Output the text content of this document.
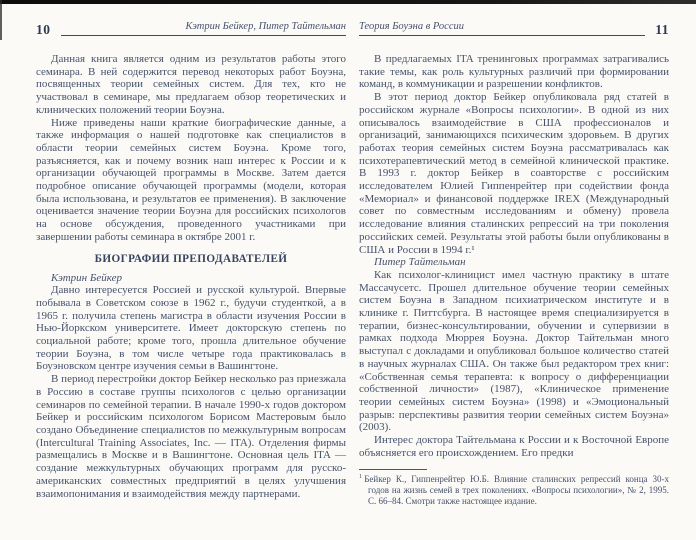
10	Кэтрин Бейкер, Питер Тайтельман

Данная книга является одним из результатов работы этого семинара. В ней содержится перевод некоторых работ Боуэна, посвященных теории семейных систем. Для тех, кто не участвовал в семинаре, мы предлагаем обзор теоретических и клинических положений теории Боуэна.

Ниже приведены наши краткие биографические данные, а также информация о нашей подготовке как специалистов в области теории семейных систем Боуэна. Кроме того, разъясняется, как и почему возник наш интерес к России и к организации обучающей программы в Москве. Затем дается подробное описание обучающей программы (модели, которая была использована, и результатов ее применения). В заключение оценивается значение теории Боуэна для российских психологов на основе обсуждения, проведенного участниками при завершении работы семинара в октябре 2001 г.

БИОГРАФИИ ПРЕПОДАВАТЕЛЕЙ

Кэтрин Бейкер

Давно интересуется Россией и русской культурой. Впервые побывала в Советском союзе в 1962 г., будучи студенткой, а в 1965 г. получила степень магистра в области изучения России в Нью-Йоркском университете. Имеет докторскую степень по социальной работе; кроме того, прошла длительное обучение теории Боуэна, в том числе четыре года практиковалась в Боуэновском центре изучения семьи в Вашингтоне.

В период перестройки доктор Бейкер несколько раз приезжала в Россию в составе группы психологов с целью организации семинаров по семейной терапии. В начале 1990-х годов доктором Бейкер и российским психологом Борисом Мастеровым было создано Объединение специалистов по межкультурным вопросам (Intercultural Training Associates, Inc. — ITA). Отделения фирмы размещались в Москве и в Вашингтоне. Основная цель ITA — создание межкультурных обучающих программ для русско-американских совместных предприятий в целях улучшения взаимопонимания и взаимодействия между партнерами.

Теория Боуэна в России	11

В предлагаемых ITA тренинговых программах затрагивались такие темы, как роль культурных различий при формировании команд, в коммуникации и разрешении конфликтов.

В этот период доктор Бейкер опубликовала ряд статей в российском журнале «Вопросы психологии». В одной из них описывалось взаимодействие в США профессионалов и организаций, занимающихся психическим здоровьем. В других работах теория семейных систем Боуэна рассматривалась как психотерапевтический метод в семейной клинической практике. В 1993 г. доктор Бейкер в соавторстве с российским исследователем Юлией Гиппенрейтер при содействии фонда «Мемориал» и финансовой поддержке IREX (Международный совет по совместным исследованиям и обмену) провела исследование влияния сталинских репрессий на три поколения российских семей. Результаты этой работы были опубликованы в США и России в 1994 г.¹

Питер Тайтельман

Как психолог-клиницист имел частную практику в штате Массачусетс. Прошел длительное обучение теории семейных систем Боуэна в Западном психиатрическом институте и в клинике г. Питтсбурга. В настоящее время специализируется в терапии, бизнес-консультировании, обучении и супервизии в рамках подхода Мюррея Боуэна. Доктор Тайтельман много выступал с докладами и опубликовал большое количество статей в научных журналах США. Он также был редактором трех книг: «Собственная семья терапевта: к вопросу о дифференциации собственной личности» (1987), «Клиническое применение теории семейных систем Боуэна» (1998) и «Эмоциональный разрыв: перспективы развития теории семейных систем Боуэна» (2003).

Интерес доктора Тайтельмана к России и к Восточной Европе объясняется его происхождением. Его предки

$^1$ Бейкер К., Гиппенрейтер Ю.Б. Влияние сталинских репрессий конца 30-х годов на жизнь семей в трех поколениях. «Вопросы психологии», № 2, 1995. С. 66–84. Смотри также настоящее издание.
